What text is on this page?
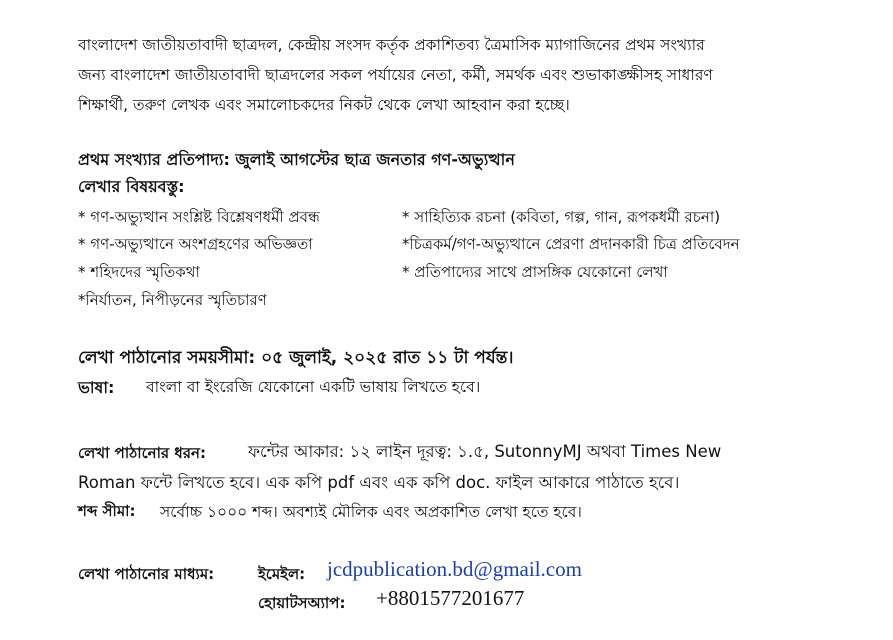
বাংলাদেশ জাতীয়তাবাদী ছাত্রদল, কেন্দ্রীয় সংসদ কর্তৃক প্রকাশিতব্য ত্রৈমাসিক ম্যাগাজিনের প্রথম সংখ্যার
জন্য বাংলাদেশ জাতীয়তাবাদী ছাত্রদলের সকল পর্যায়ের নেতা, কর্মী, সমর্থক এবং শুভাকাঙ্ক্ষীসহ সাধারণ
শিক্ষার্থী, তরুণ লেখক এবং সমালোচকদের নিকট থেকে লেখা আহবান করা হচ্ছে।
প্রথম সংখ্যার প্রতিপাদ্য: জুলাই আগস্টের ছাত্র জনতার গণ-অভ্যুত্থান
লেখার বিষয়বস্তু:
* গণ-অভ্যুত্থান সংশ্লিষ্ট বিশ্লেষণধর্মী প্রবন্ধ
* গণ-অভ্যুত্থানে অংশগ্রহণের অভিজ্ঞতা
* শহিদদের স্মৃতিকথা
*নির্যাতন, নিপীড়নের স্মৃতিচারণ
* সাহিত্যিক রচনা (কবিতা, গল্প, গান, রূপকধর্মী রচনা)
*চিত্রকর্ম/গণ-অভ্যুত্থানে প্রেরণা প্রদানকারী চিত্র প্রতিবেদন
* প্রতিপাদ্যের সাথে প্রাসঙ্গিক যেকোনো লেখা
লেখা পাঠানোর সময়সীমা: ০৫ জুলাই, ২০২৫ রাত ১১ টা পর্যন্ত।
ভাষা: বাংলা বা ইংরেজি যেকোনো একটি ভাষায় লিখতে হবে।
লেখা পাঠানোর ধরন:	ফন্টের আকার: ১২ লাইন দূরত্ব: ১.৫, SutonnyMJ অথবা Times New
Roman ফন্টে লিখতে হবে। এক কপি pdf এবং এক কপি doc. ফাইল আকারে পাঠাতে হবে।
শব্দ সীমা: সর্বোচ্চ ১০০০ শব্দ। অবশ্যই মৌলিক এবং অপ্রকাশিত লেখা হতে হবে।
লেখা পাঠানোর মাধ্যম:	ইমেইল: jcdpublication.bd@gmail.com
হোয়াটসঅ্যাপ: +8801577201677
